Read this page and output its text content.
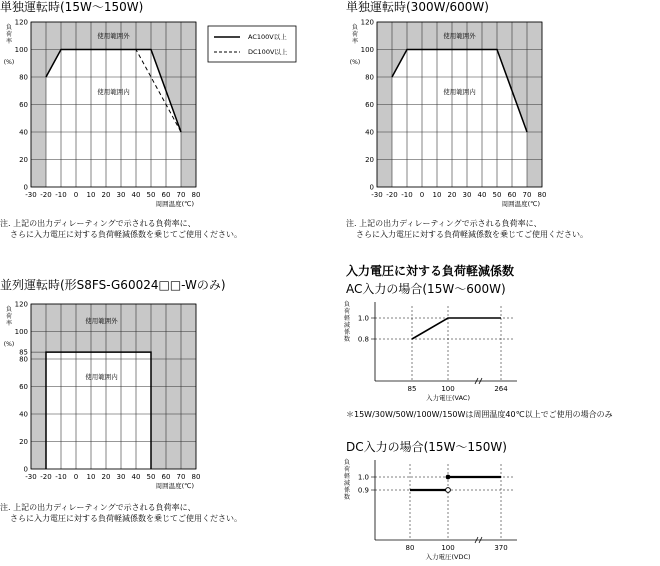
単独運転時(15W〜150W)	単独運転時(300W/600W)
並列運転時(形S8FS-G60024□□-Wのみ)
入力電圧に対する負荷軽減係数
AC入力の場合(15W〜600W)
DC入力の場合(15W〜150W)
注. 上記の出力ディレーティングで示される負荷率に、
さらに入力電圧に対する負荷軽減係数を乗じてご使用ください。
注. 上記の出力ディレーティングで示される負荷率に、
さらに入力電圧に対する負荷軽減係数を乗じてご使用ください。
注. 上記の出力ディレーティングで示される負荷率に、
さらに入力電圧に対する負荷軽減係数を乗じてご使用ください。
＊15W/30W/50W/100W/150Wは周囲温度40℃以上でご使用の場合のみ
-30 -20 -10 0 10 20 30 40 50 60 70 80
0
20
40
60
80
100
120
周囲温度(℃)
負
荷
率
(%)
使用範囲外
使用範囲内
-30 -20 -10 0 10 20 30 40 50 60 70 80
0
20
40
60
80
100
120
周囲温度(℃)
負
荷
率
(%)
使用範囲外
使用範囲内
-30 -20 -10 0 10 20 30 40 50 60 70 80
0
20
40
60
80
85
100
120
周囲温度(℃)
負
荷
率
(%)
使用範囲外
使用範囲内
AC100V以上
DC100V以上
0.8
1.0
85	100	264
入力電圧(VAC)
負
荷
軽
減
係
数
0.9
1.0
80	100	370
入力電圧(VDC)
負
荷
軽
減
係
数
